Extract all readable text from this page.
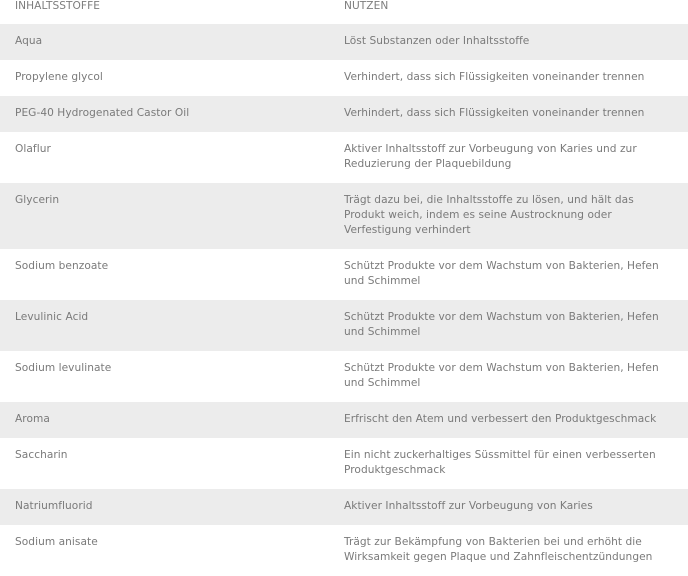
INHALTSSTOFFE	NUTZEN
Aqua	Löst Substanzen oder Inhaltsstoffe
Propylene glycol	Verhindert, dass sich Flüssigkeiten voneinander trennen
PEG-40 Hydrogenated Castor Oil	Verhindert, dass sich Flüssigkeiten voneinander trennen
Olaflur	Aktiver Inhaltsstoff zur Vorbeugung von Karies und zur Reduzierung der Plaquebildung
Glycerin	Trägt dazu bei, die Inhaltsstoffe zu lösen, und hält das Produkt weich, indem es seine Austrocknung oder Verfestigung verhindert
Sodium benzoate	Schützt Produkte vor dem Wachstum von Bakterien, Hefen und Schimmel
Levulinic Acid	Schützt Produkte vor dem Wachstum von Bakterien, Hefen und Schimmel
Sodium levulinate	Schützt Produkte vor dem Wachstum von Bakterien, Hefen und Schimmel
Aroma	Erfrischt den Atem und verbessert den Produktgeschmack
Saccharin	Ein nicht zuckerhaltiges Süssmittel für einen verbesserten Produktgeschmack
Natriumfluorid	Aktiver Inhaltsstoff zur Vorbeugung von Karies
Sodium anisate	Trägt zur Bekämpfung von Bakterien bei und erhöht die Wirksamkeit gegen Plaque und Zahnfleischentzündungen
